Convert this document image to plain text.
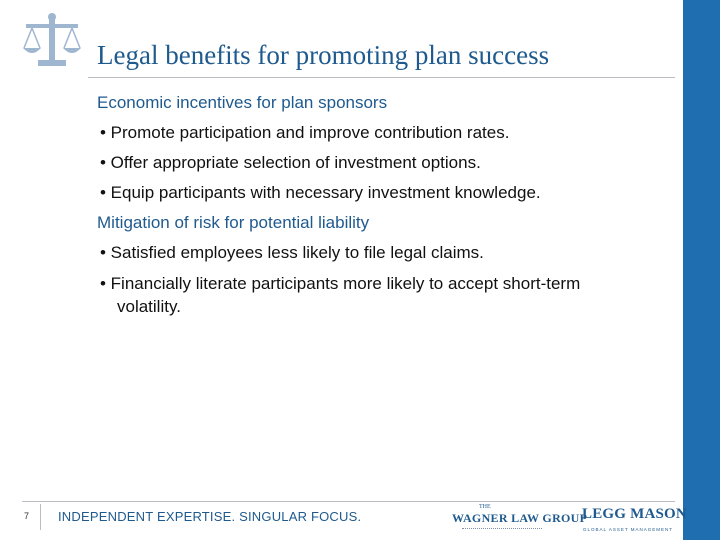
Legal benefits for promoting plan success
Economic incentives for plan sponsors
• Promote participation and improve contribution rates.
• Offer appropriate selection of investment options.
• Equip participants with necessary investment knowledge.
Mitigation of risk for potential liability
• Satisfied employees less likely to file legal claims.
• Financially literate participants more likely to accept short-term
volatility.
7 INDEPENDENT EXPERTISE. SINGULAR FOCUS.
THE
WAGNER LAW GROUP
LEGG MASON
GLOBAL ASSET MANAGEMENT
